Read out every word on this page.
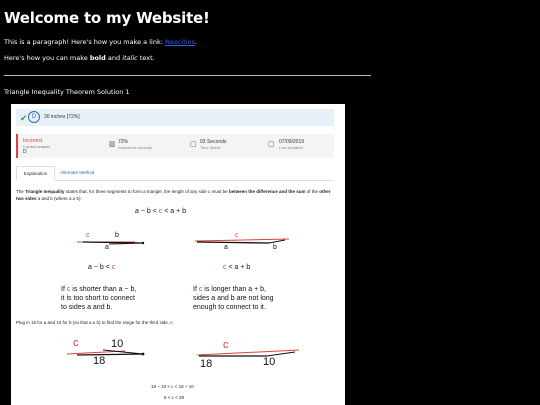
Welcome to my Website!
This is a paragraph! Here's how you make a link: Neocities.
Here's how you can make bold and italic text.
Triangle Inequality Theorem Solution 1
✔ D	30 inches [72%]
Incorrect
Correct answer
D
▥ 72%
Answered correctly	▢ 03 Seconds
Time Spent	▢ 07/09/2019
Last Updated
Explanation	Alternate Method
The Triangle Inequality states that, for three segments to form a triangle, the length of any side c must be between the difference and the sum of the other two sides a and b (where a ≥ b):
a − b < c < a + b
c	b
a
a − b < c
If c is shorter than a − b,
it is too short to connect
to sides a and b.
c
a	b
c < a + b
If c is longer than a + b,
sides a and b are not long
enough to connect to it.
Plug in 18 for a and 10 for b (so that a ≥ b) to find the range for the third side, c:
c	10
18
c
18	10
18 − 10 < c < 18 + 10
8 < c < 28
